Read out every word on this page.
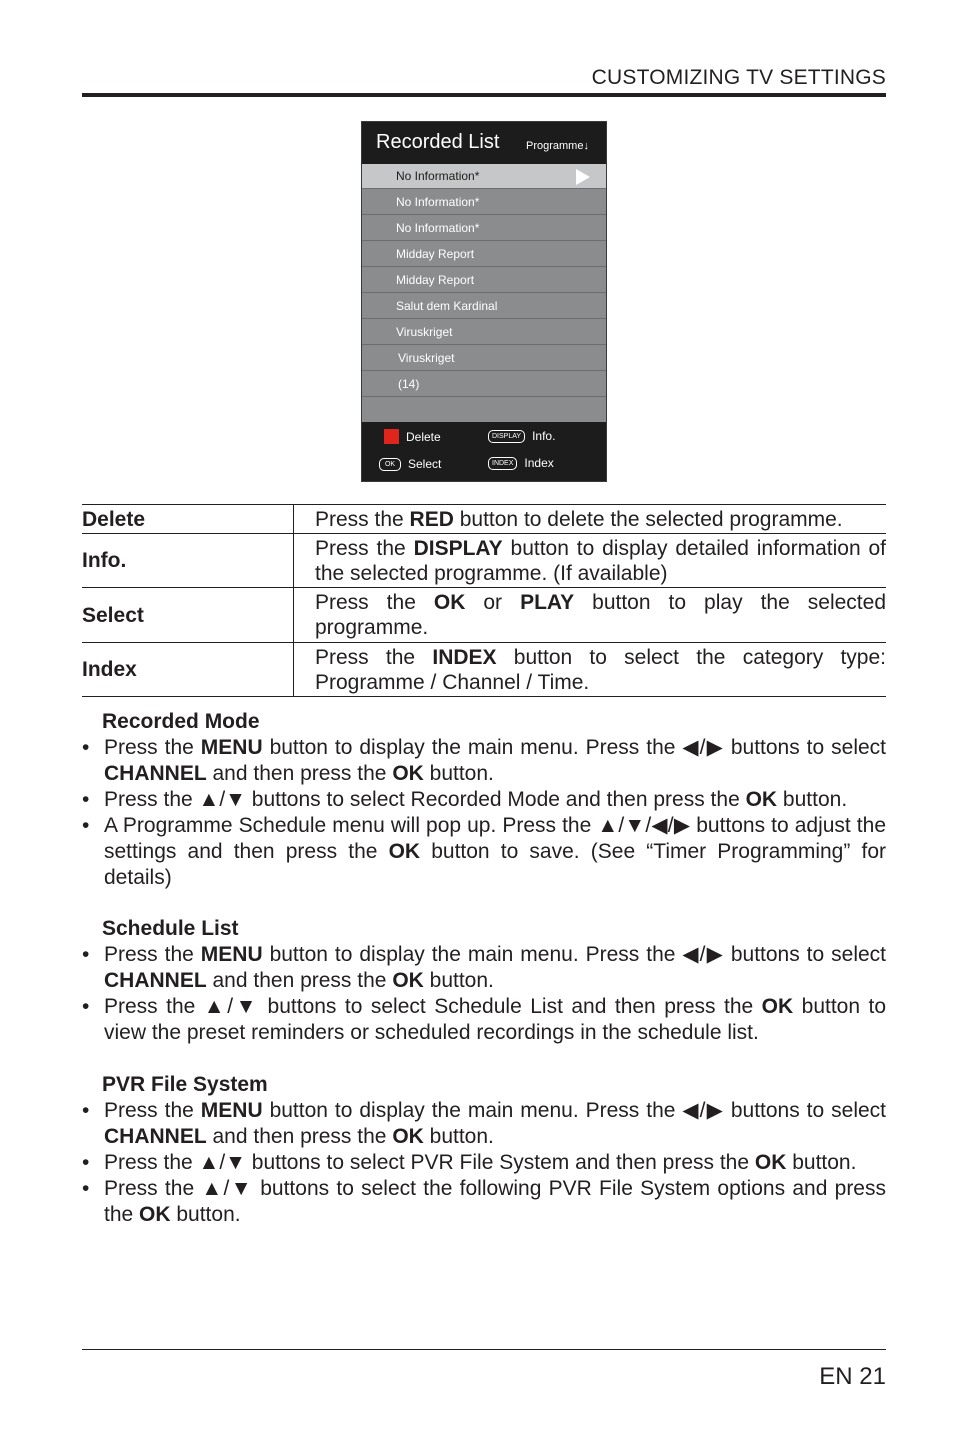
CUSTOMIZING TV SETTINGS
Recorded List Programme↓
No Information*
No Information*
No Information*
Midday Report
Midday Report
Salut dem Kardinal
Viruskriget
Viruskriget
(14)
Delete	DISPLAY Info.
OK	Select	INDEX Index
Delete	Press the RED button to delete the selected programme.
Info.	Press the DISPLAY button to display detailed information of the selected programme. (If available)
Select	Press the OK or PLAY button to play the selected programme.
Index	Press the INDEX button to select the category type: Programme / Channel / Time.
Recorded Mode
• Press the MENU button to display the main menu. Press the ◀/▶ buttons to select CHANNEL and then press the OK button.
• Press the ▲/▼ buttons to select Recorded Mode and then press the OK button.
• A Programme Schedule menu will pop up. Press the ▲/▼/◀/▶ buttons to adjust the settings and then press the OK button to save. (See “Timer Programming” for details)
Schedule List
• Press the MENU button to display the main menu. Press the ◀/▶ buttons to select CHANNEL and then press the OK button.
• Press the ▲/▼ buttons to select Schedule List and then press the OK button to view the preset reminders or scheduled recordings in the schedule list.
PVR File System
• Press the MENU button to display the main menu. Press the ◀/▶ buttons to select CHANNEL and then press the OK button.
• Press the ▲/▼ buttons to select PVR File System and then press the OK button.
• Press the ▲/▼ buttons to select the following PVR File System options and press the OK button.
EN 21
